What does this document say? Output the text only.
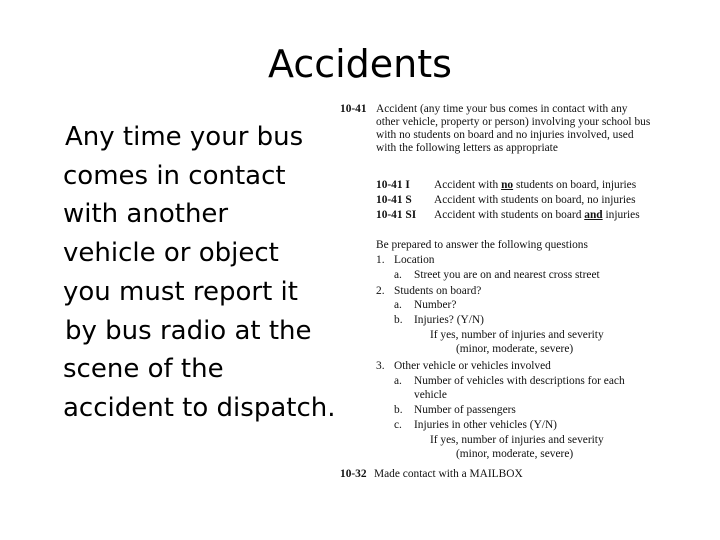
Accidents
Any time your bus
comes in contact
with another
vehicle or object
you must report it
by bus radio at the
scene of the
accident to dispatch.
10-41 Accident (any time your bus comes in contact with any
other vehicle, property or person) involving your school bus
with no students on board and no injuries involved, used
with the following letters as appropriate
10-41 I Accident with no students on board, injuries
10-41 S Accident with students on board, no injuries
10-41 SI Accident with students on board and injuries
Be prepared to answer the following questions
1. Location
a. Street you are on and nearest cross street
2. Students on board?
a. Number?
b. Injuries? (Y/N)
If yes, number of injuries and severity
(minor, moderate, severe)
3. Other vehicle or vehicles involved
a. Number of vehicles with descriptions for each
vehicle
b. Number of passengers
c. Injuries in other vehicles (Y/N)
If yes, number of injuries and severity
(minor, moderate, severe)
10-32 Made contact with a MAILBOX
